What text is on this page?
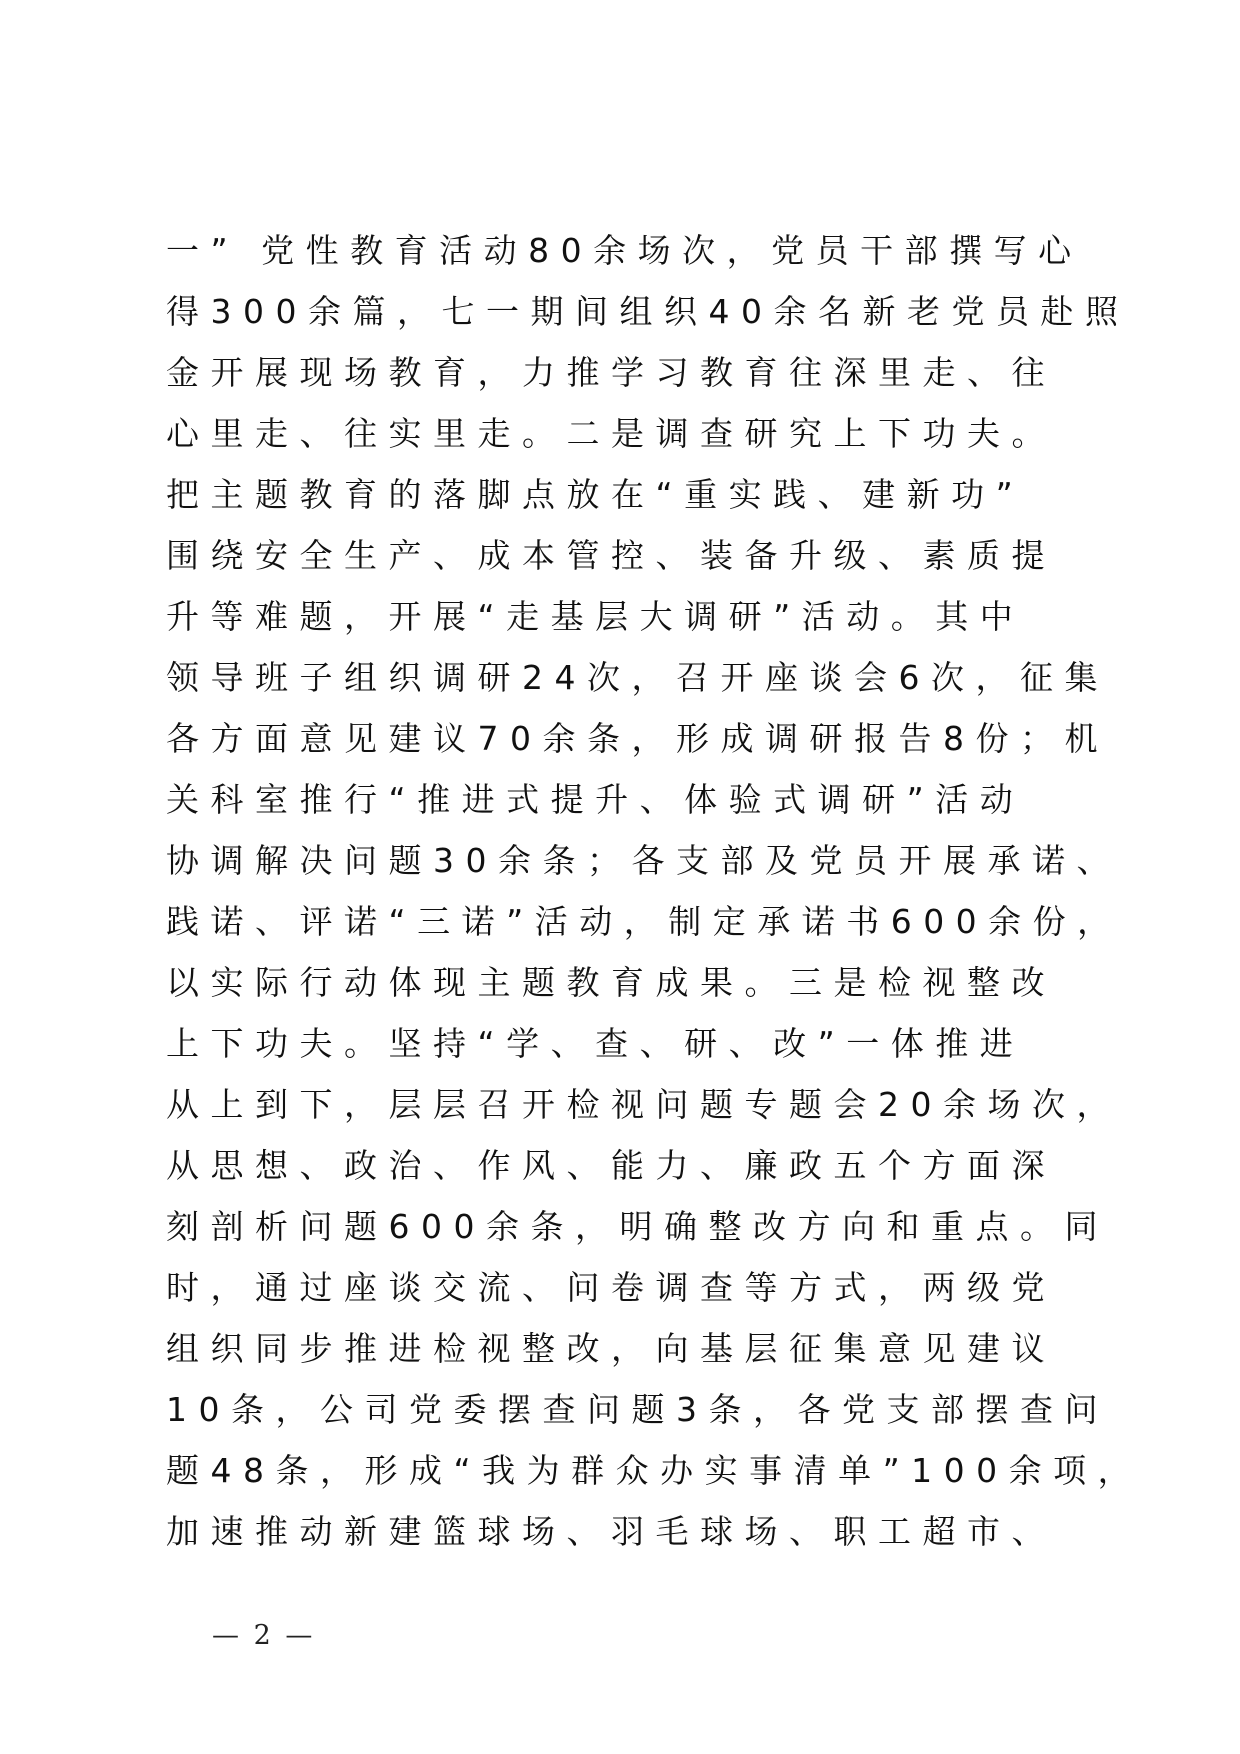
一” 党性教育活动80余场次，党员干部撰写心
得300余篇，七一期间组织40余名新老党员赴照
金开展现场教育，力推学习教育往深里走、往
心里走、往实里走。二是调查研究上下功夫。
把主题教育的落脚点放在“重实践、建新功”
围绕安全生产、成本管控、装备升级、素质提
升等难题，开展“走基层大调研”活动。其中
领导班子组织调研24次，召开座谈会6次，征集
各方面意见建议70余条，形成调研报告8份；机
关科室推行“推进式提升、体验式调研”活动
协调解决问题30余条；各支部及党员开展承诺、
践诺、评诺“三诺”活动，制定承诺书600余份，
以实际行动体现主题教育成果。三是检视整改
上下功夫。坚持“学、查、研、改”一体推进
从上到下，层层召开检视问题专题会20余场次，
从思想、政治、作风、能力、廉政五个方面深
刻剖析问题600余条，明确整改方向和重点。同
时，通过座谈交流、问卷调查等方式，两级党
组织同步推进检视整改，向基层征集意见建议
10条，公司党委摆查问题3条，各党支部摆查问
题48条，形成“我为群众办实事清单”100余项，
加速推动新建篮球场、羽毛球场、职工超市、
— 2 —
